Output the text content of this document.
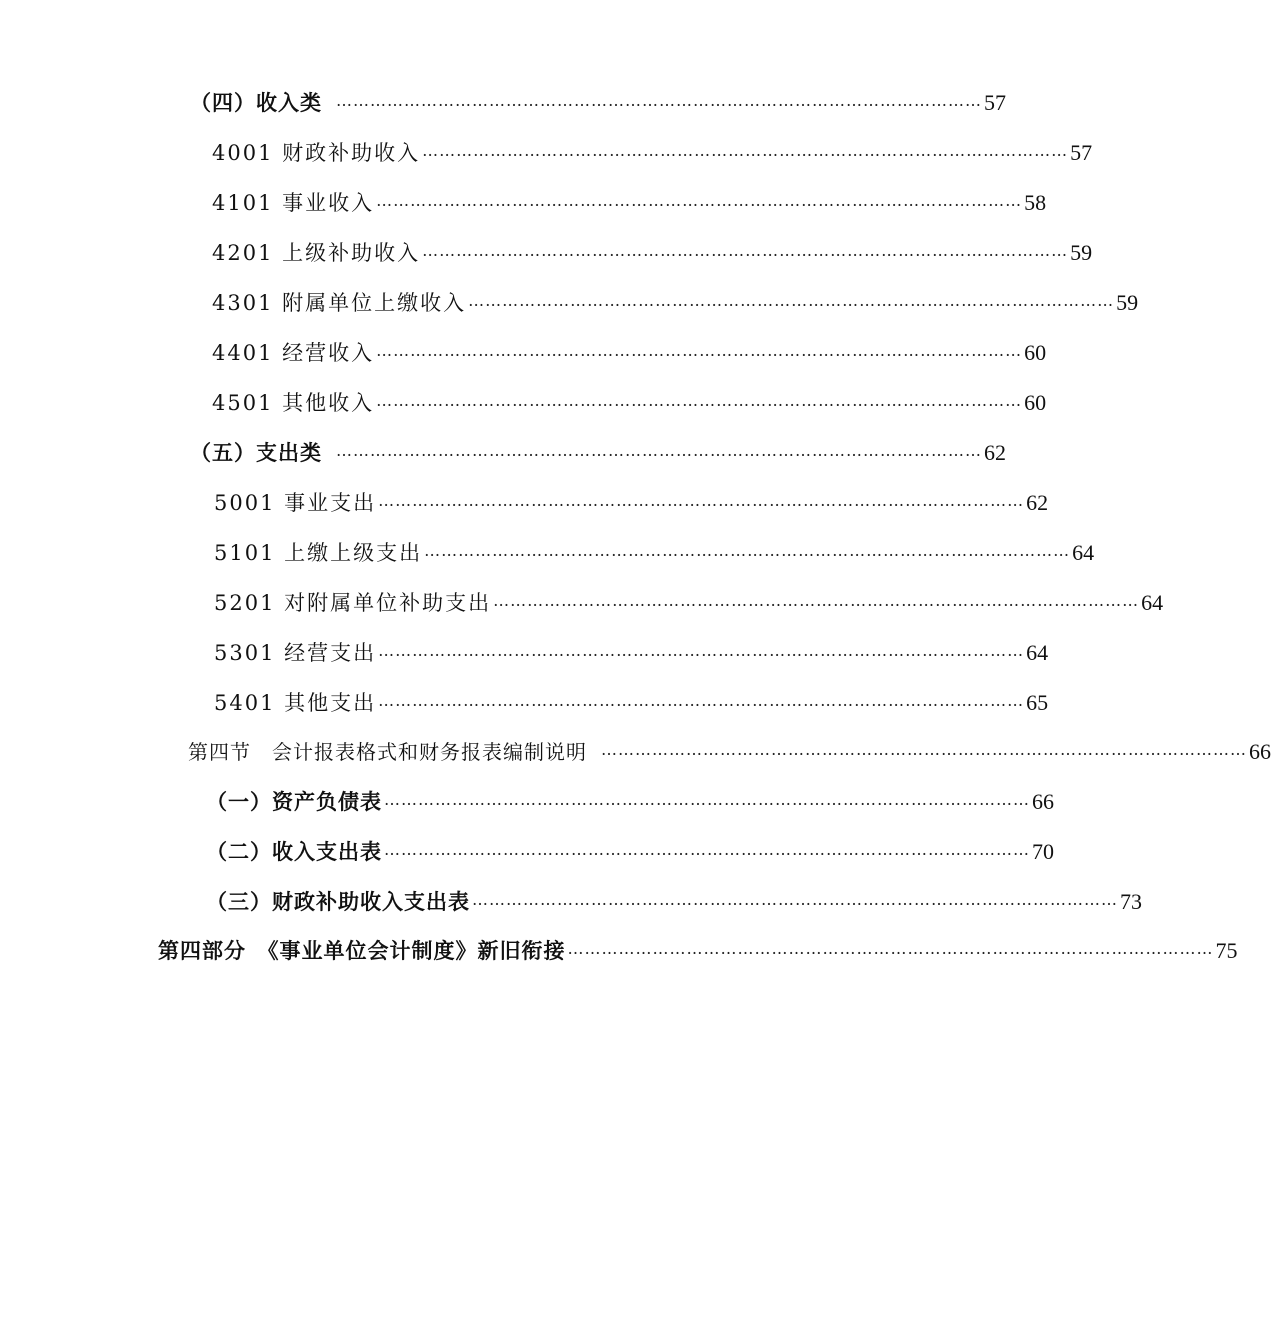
（四）收入类 …………………………………………………………………………………………………… 57
4001 财政补助收入 …………………………………………………………………………………………………… 57
4101 事业收入 …………………………………………………………………………………………………… 58
4201 上级补助收入 …………………………………………………………………………………………………… 59
4301 附属单位上缴收入 …………………………………………………………………………………………………… 59
4401 经营收入 …………………………………………………………………………………………………… 60
4501 其他收入 …………………………………………………………………………………………………… 60
（五）支出类 …………………………………………………………………………………………………… 62
5001 事业支出 …………………………………………………………………………………………………… 62
5101 上缴上级支出 …………………………………………………………………………………………………… 64
5201 对附属单位补助支出 …………………………………………………………………………………………………… 64
5301 经营支出 …………………………………………………………………………………………………… 64
5401 其他支出 …………………………………………………………………………………………………… 65
第四节　会计报表格式和财务报表编制说明 …………………………………………………………………………………………………… 66
（一）资产负债表 …………………………………………………………………………………………………… 66
（二）收入支出表 …………………………………………………………………………………………………… 70
（三）财政补助收入支出表 …………………………………………………………………………………………………… 73
第四部分　《事业单位会计制度》新旧衔接 …………………………………………………………………………………………………… 75
